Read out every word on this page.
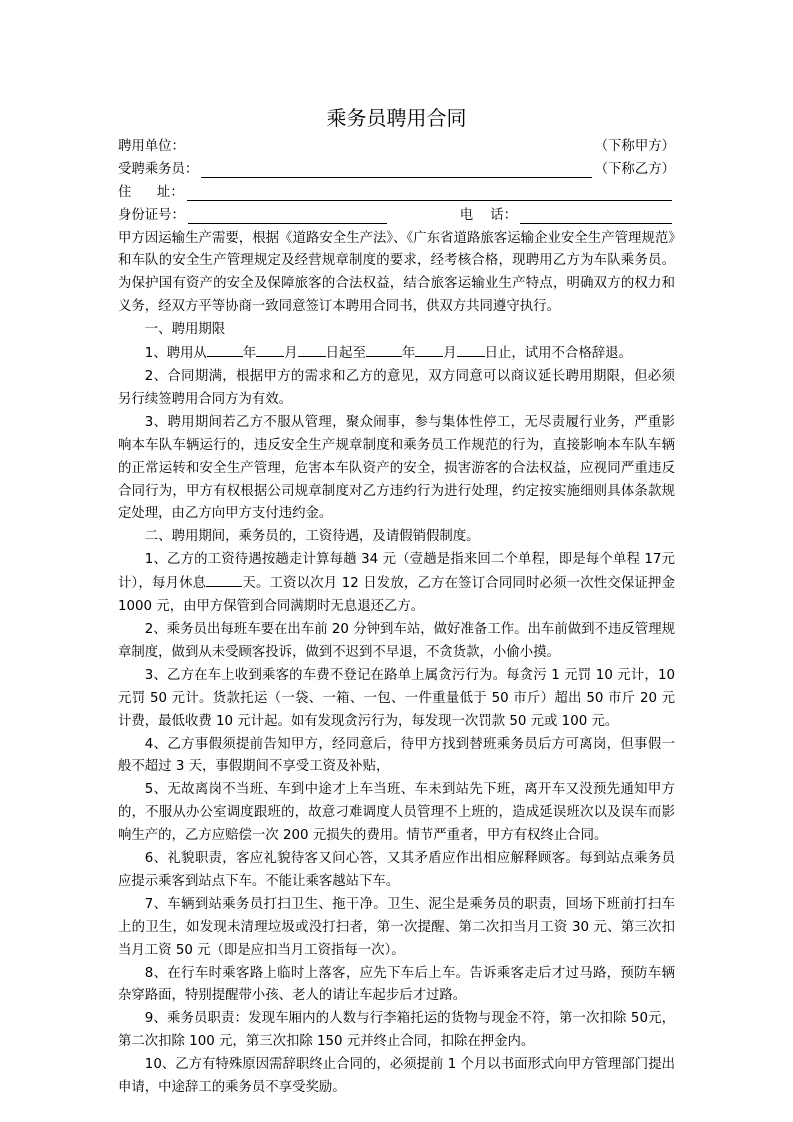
乘务员聘用合同
聘用单位：	（下称甲方）
受聘乘务员：	（下称乙方）
住      址：
身份证号：	电    话：

甲方因运输生产需要，根据《道路安全生产法》、《广东省道路旅客运输企业安全生产管理规范》和车队的安全生产管理规定及经营规章制度的要求，经考核合格，现聘用乙方为车队乘务员。为保护国有资产的安全及保障旅客的合法权益，结合旅客运输业生产特点，明确双方的权力和义务，经双方平等协商一致同意签订本聘用合同书，供双方共同遵守执行。

一、聘用期限

1、聘用从	年 月 日起至	年 月 日止，试用不合格辞退。

2、合同期满，根据甲方的需求和乙方的意见，双方同意可以商议延长聘用期限，但必须另行续签聘用合同方为有效。

3、聘用期间若乙方不服从管理，聚众闹事，参与集体性停工，无尽责履行业务，严重影响本车队车辆运行的，违反安全生产规章制度和乘务员工作规范的行为，直接影响本车队车辆的正常运转和安全生产管理，危害本车队资产的安全，损害游客的合法权益，应视同严重违反合同行为，甲方有权根据公司规章制度对乙方违约行为进行处理，约定按实施细则具体条款规定处理，由乙方向甲方支付违约金。

二、聘用期间，乘务员的，工资待遇，及请假销假制度。

1、乙方的工资待遇按趟走计算每趟 34 元（壹趟是指来回二个单程，即是每个单程 17元计），每月休息	天。工资以次月 12 日发放，乙方在签订合同同时必须一次性交保证押金 1000 元，由甲方保管到合同满期时无息退还乙方。

2、乘务员出每班车要在出车前 20 分钟到车站，做好准备工作。出车前做到不违反管理规章制度，做到从未受顾客投诉，做到不迟到不早退，不贪货款，小偷小摸。

3、乙方在车上收到乘客的车费不登记在路单上属贪污行为。每贪污 1 元罚 10 元计，10元罚 50 元计。货款托运（一袋、一箱、一包、一件重量低于 50 市斤）超出 50 市斤 20 元计费，最低收费 10 元计起。如有发现贪污行为，每发现一次罚款 50 元或 100 元。

4、乙方事假须提前告知甲方，经同意后，待甲方找到替班乘务员后方可离岗，但事假一般不超过 3 天，事假期间不享受工资及补贴，

5、无故离岗不当班、车到中途才上车当班、车未到站先下班，离开车又没预先通知甲方的，不服从办公室调度跟班的，故意刁难调度人员管理不上班的，造成延误班次以及误车而影响生产的，乙方应赔偿一次 200 元损失的费用。情节严重者，甲方有权终止合同。

6、礼貌职责，客应礼貌待客又问心答，又其矛盾应作出相应解释顾客。每到站点乘务员应提示乘客到站点下车。不能让乘客越站下车。

7、车辆到站乘务员打扫卫生、拖干净。卫生、泥尘是乘务员的职责，回场下班前打扫车上的卫生，如发现未清理垃圾或没打扫者，第一次提醒、第二次扣当月工资 30 元、第三次扣当月工资 50 元（即是应扣当月工资指每一次）。

8、在行车时乘客路上临时上落客，应先下车后上车。告诉乘客走后才过马路，预防车辆杂穿路面，特别提醒带小孩、老人的请让车起步后才过路。

9、乘务员职责：发现车厢内的人数与行李箱托运的货物与现金不符，第一次扣除 50元，第二次扣除 100 元，第三次扣除 150 元并终止合同，扣除在押金内。

10、乙方有特殊原因需辞职终止合同的，必须提前 1 个月以书面形式向甲方管理部门提出申请，中途辞工的乘务员不享受奖励。
